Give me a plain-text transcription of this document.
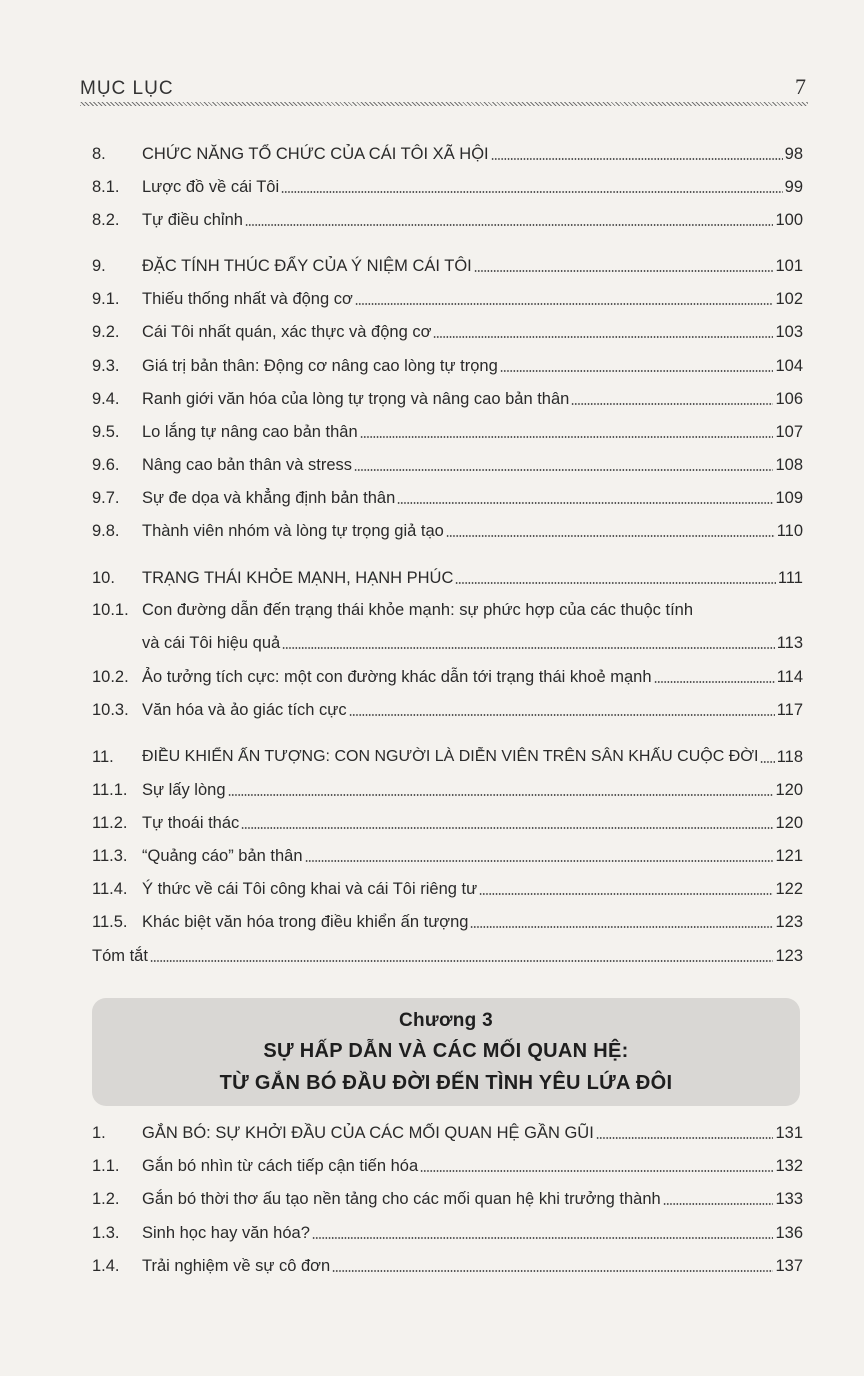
MỤC LỤC	7
8.	CHỨC NĂNG TỔ CHỨC CỦA CÁI TÔI XÃ HỘI	98
8.1.	Lược đồ về cái Tôi	99
8.2.	Tự điều chỉnh	100
9.	ĐẶC TÍNH THÚC ĐẨY CỦA Ý NIỆM CÁI TÔI	101
9.1.	Thiếu thống nhất và động cơ	102
9.2.	Cái Tôi nhất quán, xác thực và động cơ	103
9.3.	Giá trị bản thân: Động cơ nâng cao lòng tự trọng	104
9.4.	Ranh giới văn hóa của lòng tự trọng và nâng cao bản thân	106
9.5.	Lo lắng tự nâng cao bản thân	107
9.6.	Nâng cao bản thân và stress	108
9.7.	Sự đe dọa và khẳng định bản thân	109
9.8.	Thành viên nhóm và lòng tự trọng giả tạo	110
10.	TRẠNG THÁI KHỎE MẠNH, HẠNH PHÚC	111
10.1. Con đường dẫn đến trạng thái khỏe mạnh: sự phức hợp của các thuộc tính
và cái Tôi hiệu quả	113
10.2. Ảo tưởng tích cực: một con đường khác dẫn tới trạng thái khoẻ mạnh	114
10.3. Văn hóa và ảo giác tích cực	117
11.	ĐIỀU KHIỂN ẤN TƯỢNG: CON NGƯỜI LÀ DIỄN VIÊN TRÊN SÂN KHẤU CUỘC ĐỜI 118
11.1. Sự lấy lòng	120
11.2. Tự thoái thác	120
11.3. “Quảng cáo” bản thân	121
11.4. Ý thức về cái Tôi công khai và cái Tôi riêng tư	122
11.5. Khác biệt văn hóa trong điều khiển ấn tượng	123
Tóm tắt	123
Chương 3
SỰ HẤP DẪN VÀ CÁC MỐI QUAN HỆ:
TỪ GẮN BÓ ĐẦU ĐỜI ĐẾN TÌNH YÊU LỨA ĐÔI
1.	GẮN BÓ: SỰ KHỞI ĐẦU CỦA CÁC MỐI QUAN HỆ GẦN GŨI	131
1.1.	Gắn bó nhìn từ cách tiếp cận tiến hóa	132
1.2.	Gắn bó thời thơ ấu tạo nền tảng cho các mối quan hệ khi trưởng thành	133
1.3.	Sinh học hay văn hóa?	136
1.4.	Trải nghiệm về sự cô đơn	137
